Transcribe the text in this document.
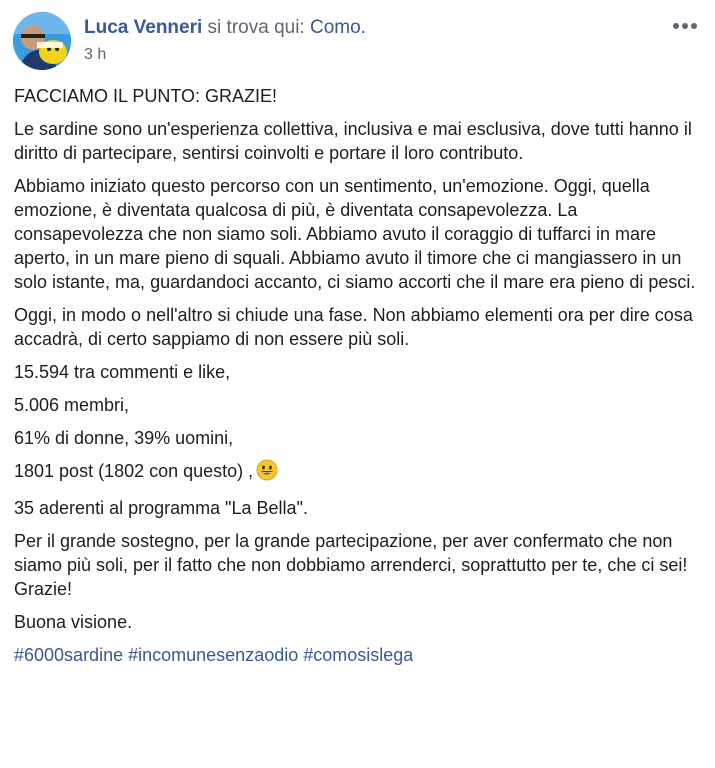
Luca Venneri si trova qui: Como.
3 h

FACCIAMO IL PUNTO: GRAZIE!

Le sardine sono un'esperienza collettiva, inclusiva e mai esclusiva, dove tutti hanno il diritto di partecipare, sentirsi coinvolti e portare il loro contributo.

Abbiamo iniziato questo percorso con un sentimento, un'emozione. Oggi, quella emozione, è diventata qualcosa di più, è diventata consapevolezza. La consapevolezza che non siamo soli. Abbiamo avuto il coraggio di tuffarci in mare aperto, in un mare pieno di squali. Abbiamo avuto il timore che ci mangiassero in un solo istante, ma, guardandoci accanto, ci siamo accorti che il mare era pieno di pesci.

Oggi, in modo o nell'altro si chiude una fase. Non abbiamo elementi ora per dire cosa accadrà, di certo sappiamo di non essere più soli.

15.594 tra commenti e like,

5.006 membri,

61% di donne, 39% uomini,

1801 post (1802 con questo) ,

35 aderenti al programma "La Bella".

Per il grande sostegno, per la grande partecipazione, per aver confermato che non siamo più soli, per il fatto che non dobbiamo arrenderci, soprattutto per te, che ci sei! Grazie!

Buona visione.

#6000sardine #incomunesenzaodio #comosislega
